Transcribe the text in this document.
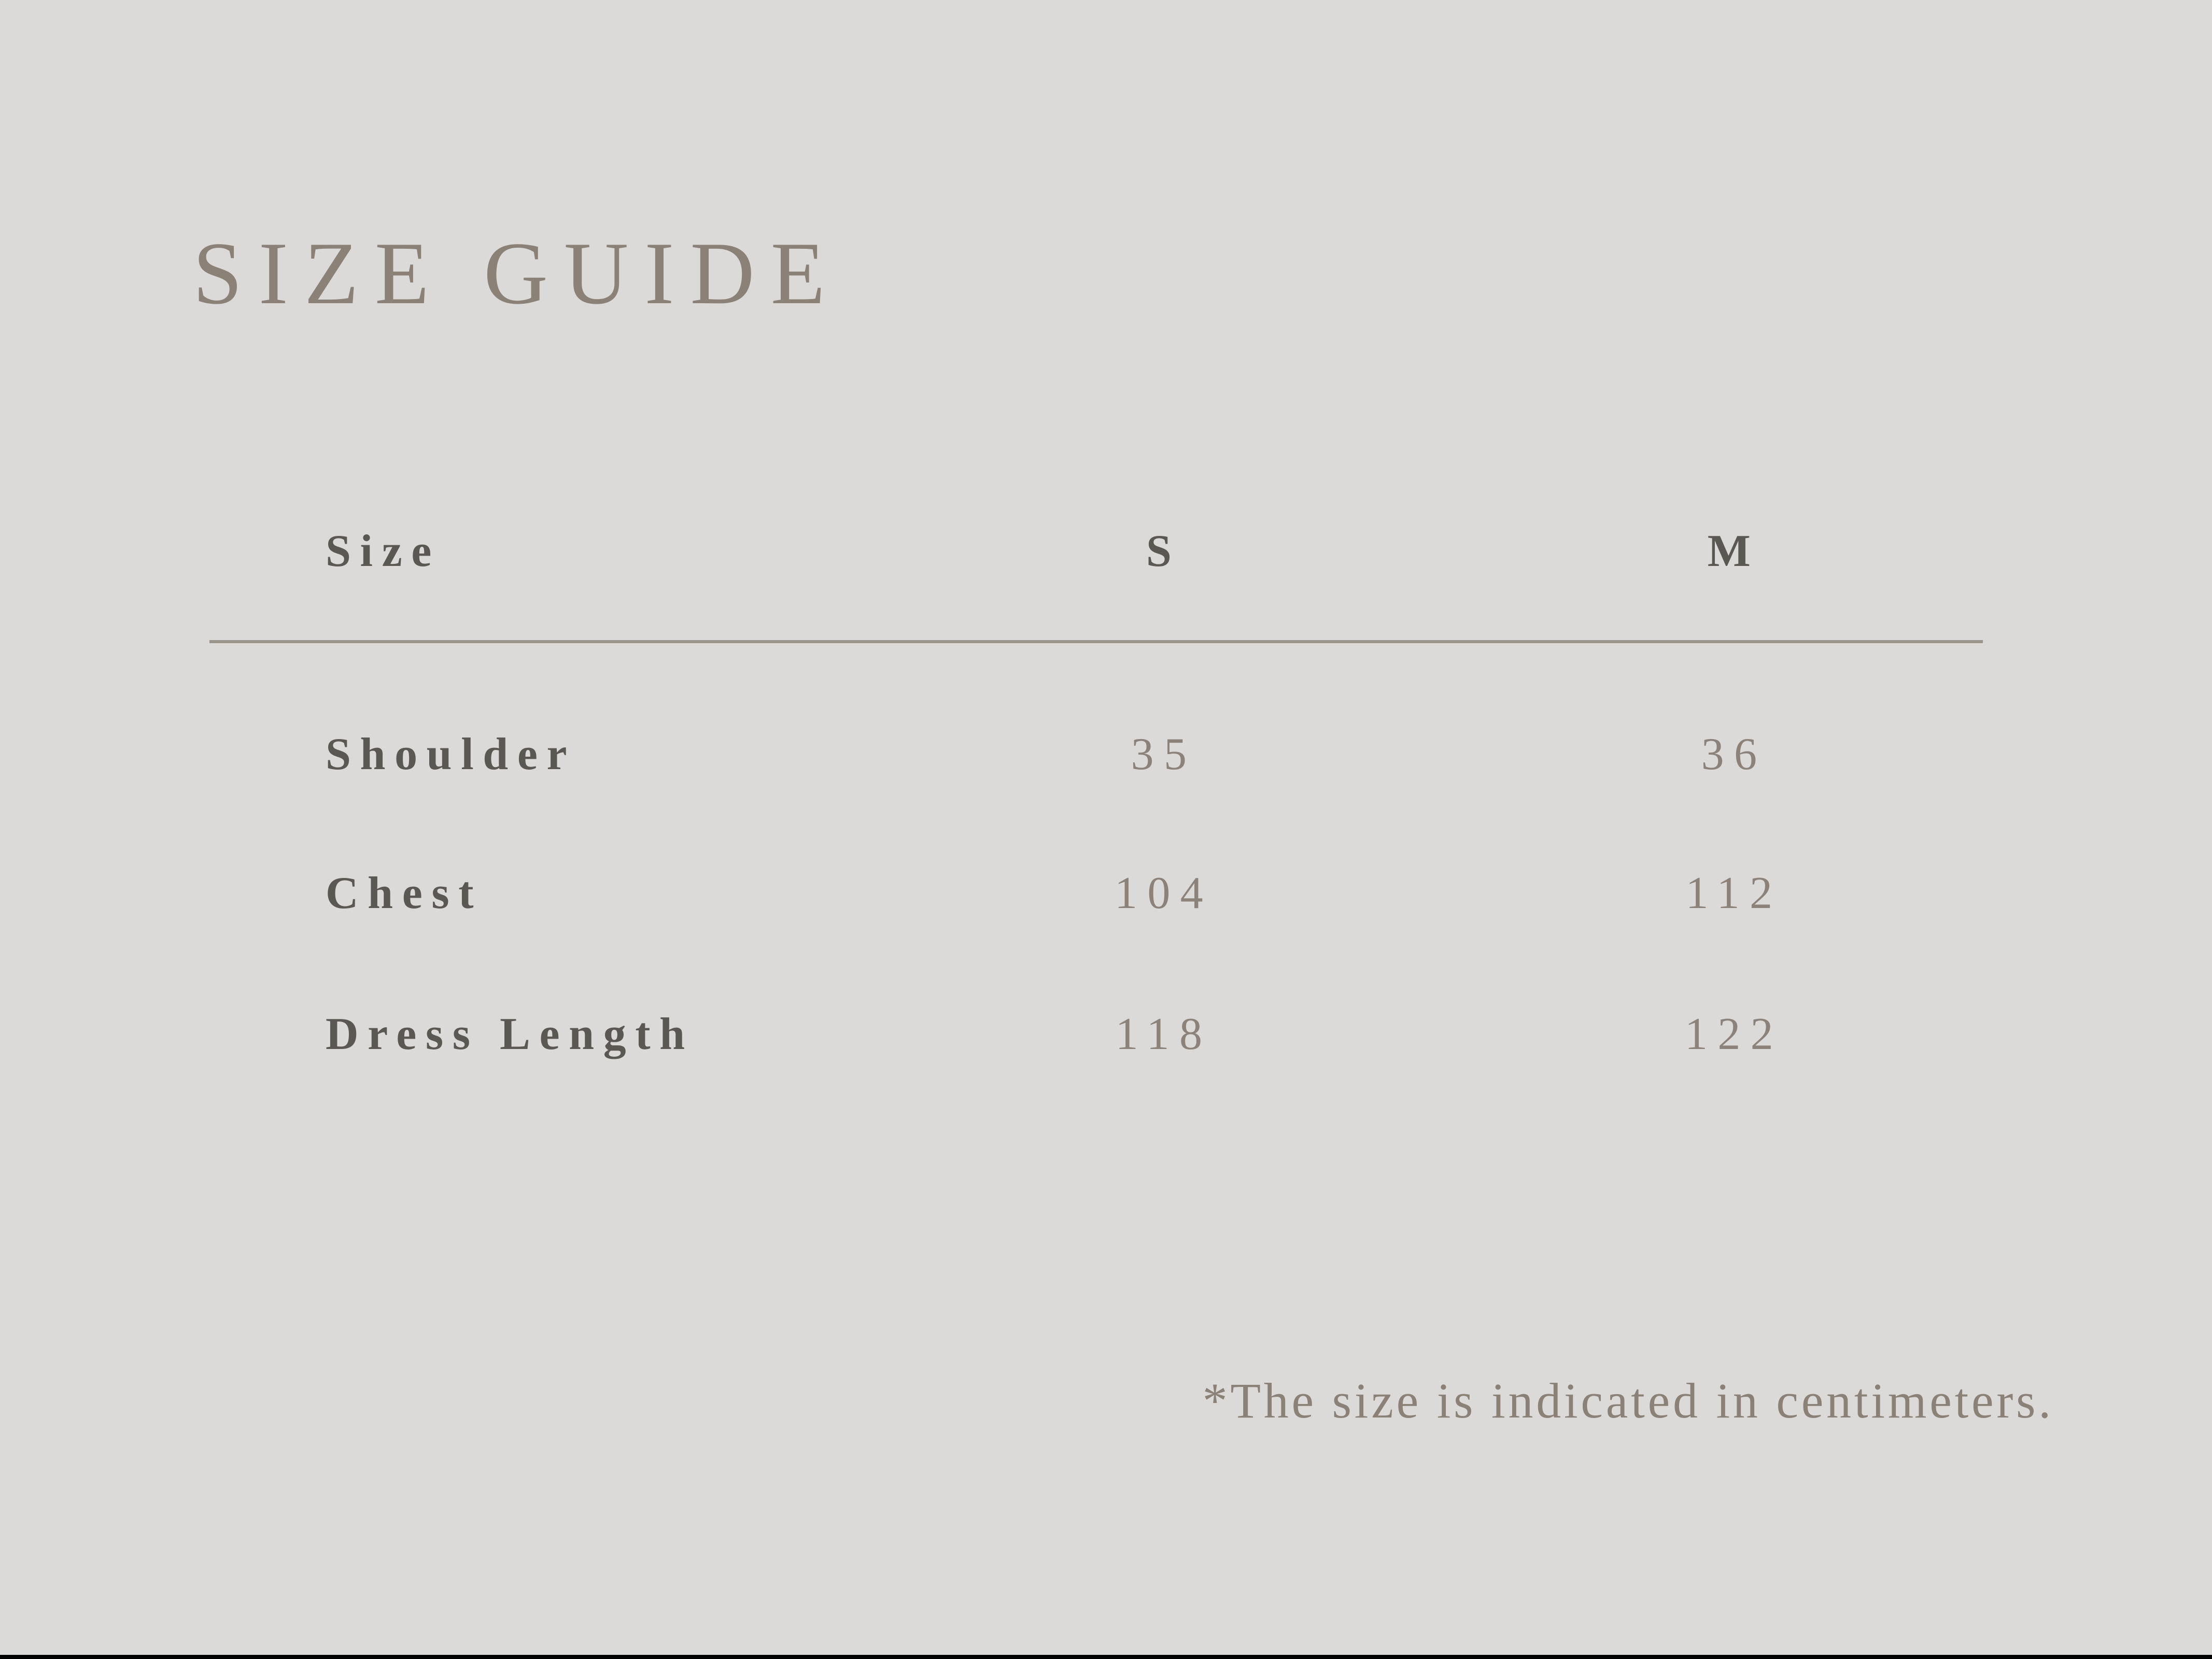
SIZE GUIDE
Size	S	M
Shoulder	35	36
Chest	104	112
Dress Length	118	122

*The size is indicated in centimeters.
